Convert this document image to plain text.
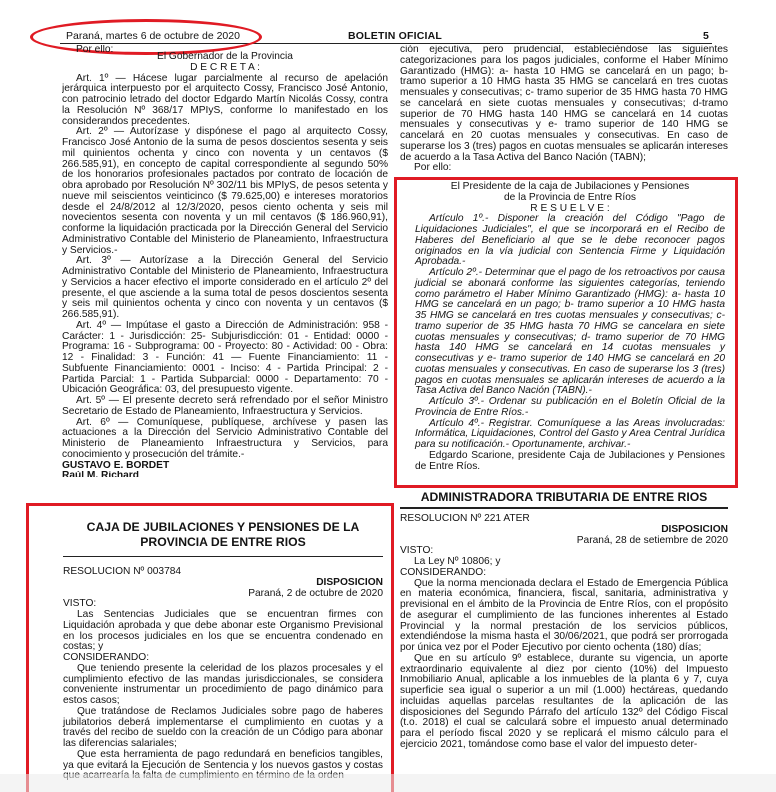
Paraná, martes 6 de octubre de 2020	BOLETIN OFICIAL	5

Por ello:

El Gobernador de la Provincia

D E C R E T A :

Art. 1º — Hácese lugar parcialmente al recurso de apelación jerárquica interpuesto por el arquitecto Cossy, Francisco José Antonio, con patrocinio letrado del doctor Edgardo Martín Nicolás Cossy, contra la Resolución Nº 368/17 MPIyS, conforme lo manifestado en los considerandos precedentes.

Art. 2º — Autorízase y dispónese el pago al arquitecto Cossy, Francisco José Antonio de la suma de pesos doscientos sesenta y seis mil quinientos ochenta y cinco con noventa y un centavos ($ 266.585,91), en concepto de capital correspondiente al segundo 50% de los honorarios profesionales pactados por contrato de locación de obra aprobado por Resolución Nº 302/11 bis MPIyS, de pesos setenta y nueve mil seiscientos veinticinco ($ 79.625,00) e intereses moratorios desde el 24/8/2012 al 12/3/2020, pesos ciento ochenta y seis mil novecientos sesenta con noventa y un mil centavos ($ 186.960,91), conforme la liquidación practicada por la Dirección General del Servicio Administrativo Contable del Ministerio de Planeamiento, Infraestructura y Servicios.-

Art. 3º — Autorízase a la Dirección General del Servicio Administrativo Contable del Ministerio de Planeamiento, Infraestructura y Servicios a hacer efectivo el importe considerado en el artículo 2º del presente, el que asciende a la suma total de pesos doscientos sesenta y seis mil quinientos ochenta y cinco con noventa y un centavos ($ 266.585,91).

Art. 4º — Impútase el gasto a Dirección de Administración: 958 - Carácter: 1 - Jurisdicción: 25- Subjurisdicción: 01 - Entidad: 0000 - Programa: 16 - Subprograma: 00 - Proyecto: 80 - Actividad: 00 - Obra: 12 - Finalidad: 3 - Función: 41 — Fuente Financiamiento: 11 - Subfuente Financiamiento: 0001 - Inciso: 4 - Partida Principal: 2 - Partida Parcial: 1 - Partida Subparcial: 0000 - Departamento: 70 - Ubicación Geográfica: 03, del presupuesto vigente.

Art. 5º — El presente decreto será refrendado por el señor Ministro Secretario de Estado de Planeamiento, Infraestructura y Servicios.

Art. 6º — Comuníquese, publíquese, archívese y pasen las actuaciones a la Dirección del Servicio Administrativo Contable del Ministerio de Planeamiento Infraestructura y Servicios, para conocimiento y prosecución del trámite.-

GUSTAVO E. BORDET

Raúl M. Richard

CAJA DE JUBILACIONES Y PENSIONES DE LA PROVINCIA DE ENTRE RIOS

RESOLUCION Nº 003784

DISPOSICION

Paraná, 2 de octubre de 2020

VISTO:

Las Sentencias Judiciales que se encuentran firmes con Liquidación aprobada y que debe abonar este Organismo Previsional en los procesos judiciales en los que se encuentra condenado en costas; y

CONSIDERANDO:

Que teniendo presente la celeridad de los plazos procesales y el cumplimiento efectivo de las mandas jurisdiccionales, se considera conveniente instrumentar un procedimiento de pago dinámico para estos casos;

Que tratándose de Reclamos Judiciales sobre pago de haberes jubilatorios deberá implementarse el cumplimiento en cuotas y a través del recibo de sueldo con la creación de un Código para abonar las diferencias salariales;

Que esta herramienta de pago redundará en beneficios tangibles, ya que evitará la Ejecución de Sentencia y los nuevos gastos y costas

ción ejecutiva, pero prudencial, estableciéndose las siguientes categorizaciones para los pagos judiciales, conforme el Haber Mínimo Garantizado (HMG): a- hasta 10 HMG se cancelará en un pago; b- tramo superior a 10 HMG hasta 35 HMG se cancelará en tres cuotas mensuales y consecutivas; c- tramo superior de 35 HMG hasta 70 HMG se cancelará en siete cuotas mensuales y consecutivas; d-tramo superior de 70 HMG hasta 140 HMG se cancelará en 14 cuotas mensuales y consecutivas y e- tramo superior de 140 HMG se cancelará en 20 cuotas mensuales y consecutivas. En caso de superarse los 3 (tres) pagos en cuotas mensuales se aplicarán intereses de acuerdo a la Tasa Activa del Banco Nación (TABN);

Por ello:

El Presidente de la caja de Jubilaciones y Pensiones

de la Provincia de Entre Ríos

R E S U E L V E :

Artículo 1º.- Disponer la creación del Código "Pago de Liquidaciones Judiciales", el que se incorporará en el Recibo de Haberes del Beneficiario al que se le debe reconocer pagos originados en la vía judicial con Sentencia Firme y Liquidación Aprobada.-

Artículo 2º.- Determinar que el pago de los retroactivos por causa judicial se abonará conforme las siguientes categorías, teniendo como parámetro el Haber Mínimo Garantizado (HMG): a- hasta 10 HMG se cancelará en un pago; b- tramo superior a 10 HMG hasta 35 HMG se cancelará en tres cuotas mensuales y consecutivas; c- tramo superior de 35 HMG hasta 70 HMG se cancelara en siete cuotas mensuales y consecutivas; d- tramo superior de 70 HMG hasta 140 HMG se cancelará en 14 cuotas mensuales y consecutivas y e- tramo superior de 140 HMG se cancelará en 20 cuotas mensuales y consecutivas. En caso de superarse los 3 (tres) pagos en cuotas mensuales se aplicarán intereses de acuerdo a la Tasa Activa del Banco Nación (TABN).-

Artículo 3º.- Ordenar su publicación en el Boletín Oficial de la Provincia de Entre Ríos.-

Artículo 4º.- Registrar. Comuníquese a las Areas involucradas: Informática, Liquidaciones, Control del Gasto y Area Central Jurídica para su notificación.- Oportunamente, archivar.-

Edgardo Scarione, presidente Caja de Jubilaciones y Pensiones de Entre Ríos.

ADMINISTRADORA TRIBUTARIA DE ENTRE RIOS

RESOLUCION Nº 221 ATER

DISPOSICION

Paraná, 28 de setiembre de 2020

VISTO:

La Ley Nº 10806; y

CONSIDERANDO:

Que la norma mencionada declara el Estado de Emergencia Pública en materia económica, financiera, fiscal, sanitaria, administrativa y previsional en el ámbito de la Provincia de Entre Ríos, con el propósito de asegurar el cumplimiento de las funciones inherentes al Estado Provincial y la normal prestación de los servicios públicos, extendiéndose la misma hasta el 30/06/2021, que podrá ser prorrogada por única vez por el Poder Ejecutivo por ciento ochenta (180) días;

Que en su artículo 9º establece, durante su vigencia, un aporte extraordinario equivalente al diez por ciento (10%) del Impuesto Inmobiliario Anual, aplicable a los inmuebles de la planta 6 y 7, cuya superficie sea igual o superior a un mil (1.000) hectáreas, quedando incluidas aquellas parcelas resultantes de la aplicación de las disposiciones del Segundo Párrafo del artículo 132º del Código Fiscal (t.o. 2018) el cual se calculará sobre el impuesto anual determinado para el período fiscal 2020 y se replicará el mismo cálculo para el ejercicio 2021, tomándose como base el valor del impuesto deter-
